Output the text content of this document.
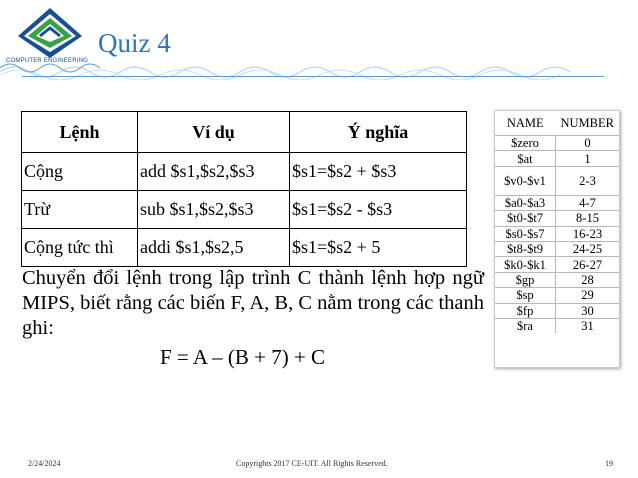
COMPUTER ENGINEERING
Quiz 4
Lệnh	Ví dụ	Ý nghĩa
Cộng	add $s1,$s2,$s3	$s1=$s2 + $s3
Trừ	sub $s1,$s2,$s3	$s1=$s2 - $s3
Cộng tức thì	addi $s1,$s2,5	$s1=$s2 + 5
Chuyển đổi lệnh trong lập trình C thành lệnh hợp ngữ MIPS, biết rằng các biến F, A, B, C nằm trong các thanh ghi:
F = A – (B + 7) + C
NAME	NUMBER
$zero	0
$at	1
$v0-$v1	2-3
$a0-$a3	4-7
$t0-$t7	8-15
$s0-$s7	16-23
$t8-$t9	24-25
$k0-$k1	26-27
$gp	28
$sp	29
$fp	30
$ra	31
2/24/2024	Copyrights 2017 CE-UIT. All Rights Reserved.	19
